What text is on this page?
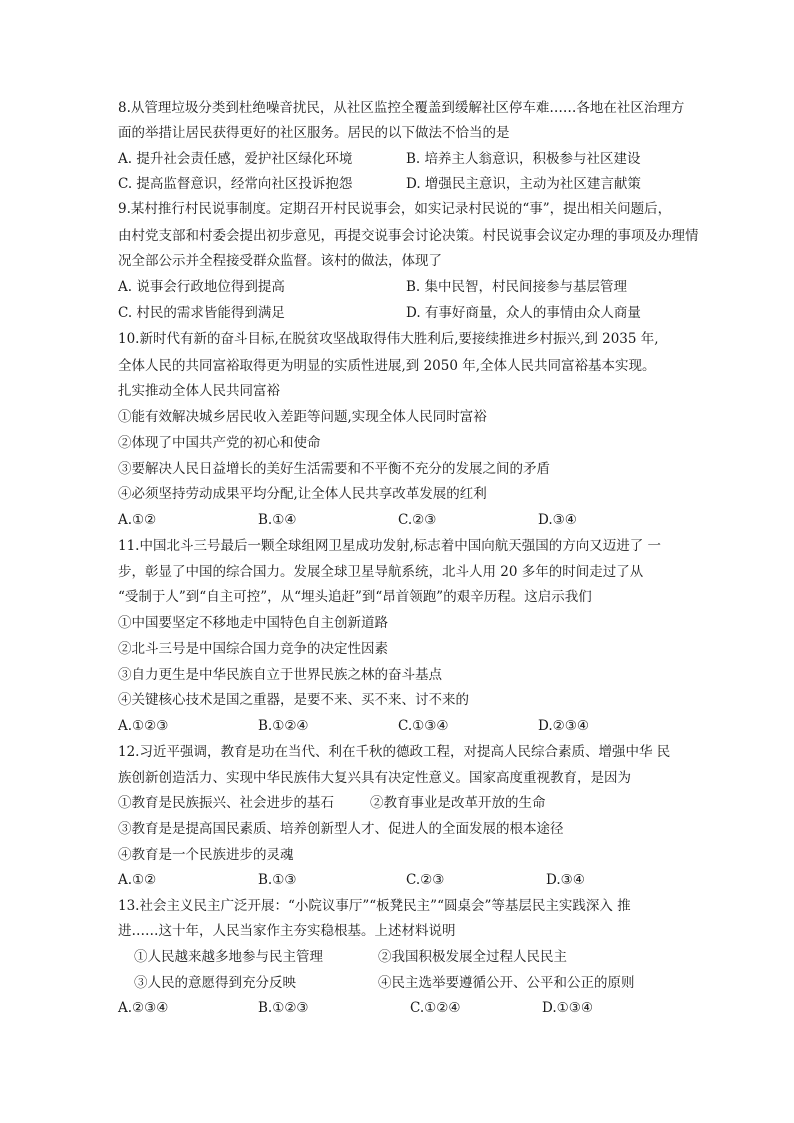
8.从管理垃圾分类到杜绝噪音扰民，从社区监控全覆盖到缓解社区停车难……各地在社区治理方
面的举措让居民获得更好的社区服务。居民的以下做法不恰当的是
A. 提升社会责任感，爱护社区绿化环境	B. 培养主人翁意识，积极参与社区建设
C. 提高监督意识，经常向社区投诉抱怨	D. 增强民主意识，主动为社区建言献策
9.某村推行村民说事制度。定期召开村民说事会，如实记录村民说的“事”，提出相关问题后，
由村党支部和村委会提出初步意见，再提交说事会讨论决策。村民说事会议定办理的事项及办理情
况全部公示并全程接受群众监督。该村的做法，体现了
A. 说事会行政地位得到提高	B. 集中民智，村民间接参与基层管理
C. 村民的需求皆能得到满足	D. 有事好商量，众人的事情由众人商量
10.新时代有新的奋斗目标,在脱贫攻坚战取得伟大胜利后,要接续推进乡村振兴,到 2035 年,
全体人民的共同富裕取得更为明显的实质性进展,到 2050 年,全体人民共同富裕基本实现。
扎实推动全体人民共同富裕
①能有效解决城乡居民收入差距等问题,实现全体人民同时富裕
②体现了中国共产党的初心和使命
③要解决人民日益增长的美好生活需要和不平衡不充分的发展之间的矛盾
④必须坚持劳动成果平均分配,让全体人民共享改革发展的红利
A.①②	B.①④	C.②③	D.③④
11.中国北斗三号最后一颗全球组网卫星成功发射,标志着中国向航天强国的方向又迈进了 一
步，彰显了中国的综合国力。发展全球卫星导航系统，北斗人用 20 多年的时间走过了从
“受制于人”到“自主可控”，从“埋头追赶”到“昂首领跑”的艰辛历程。这启示我们
①中国要坚定不移地走中国特色自主创新道路
②北斗三号是中国综合国力竞争的决定性因素
③自力更生是中华民族自立于世界民族之林的奋斗基点
④关键核心技术是国之重器，是要不来、买不来、讨不来的
A.①②③	B.①②④	C.①③④	D.②③④
12.习近平强调，教育是功在当代、利在千秋的德政工程，对提高人民综合素质、增强中华 民
族创新创造活力、实现中华民族伟大复兴具有决定性意义。国家高度重视教育，是因为
①教育是民族振兴、社会进步的基石	②教育事业是改革开放的生命
③教育是是提高国民素质、培养创新型人才、促进人的全面发展的根本途径
④教育是一个民族进步的灵魂
A.①②	B.①③	C.②③	D.③④
13.社会主义民主广泛开展：“小院议事厅”“板凳民主”“圆桌会”等基层民主实践深入 推
进……这十年，人民当家作主夯实稳根基。上述材料说明
①人民越来越多地参与民主管理	②我国积极发展全过程人民民主
③人民的意愿得到充分反映	④民主选举要遵循公开、公平和公正的原则
A.②③④	B.①②③	C.①②④	D.①③④
